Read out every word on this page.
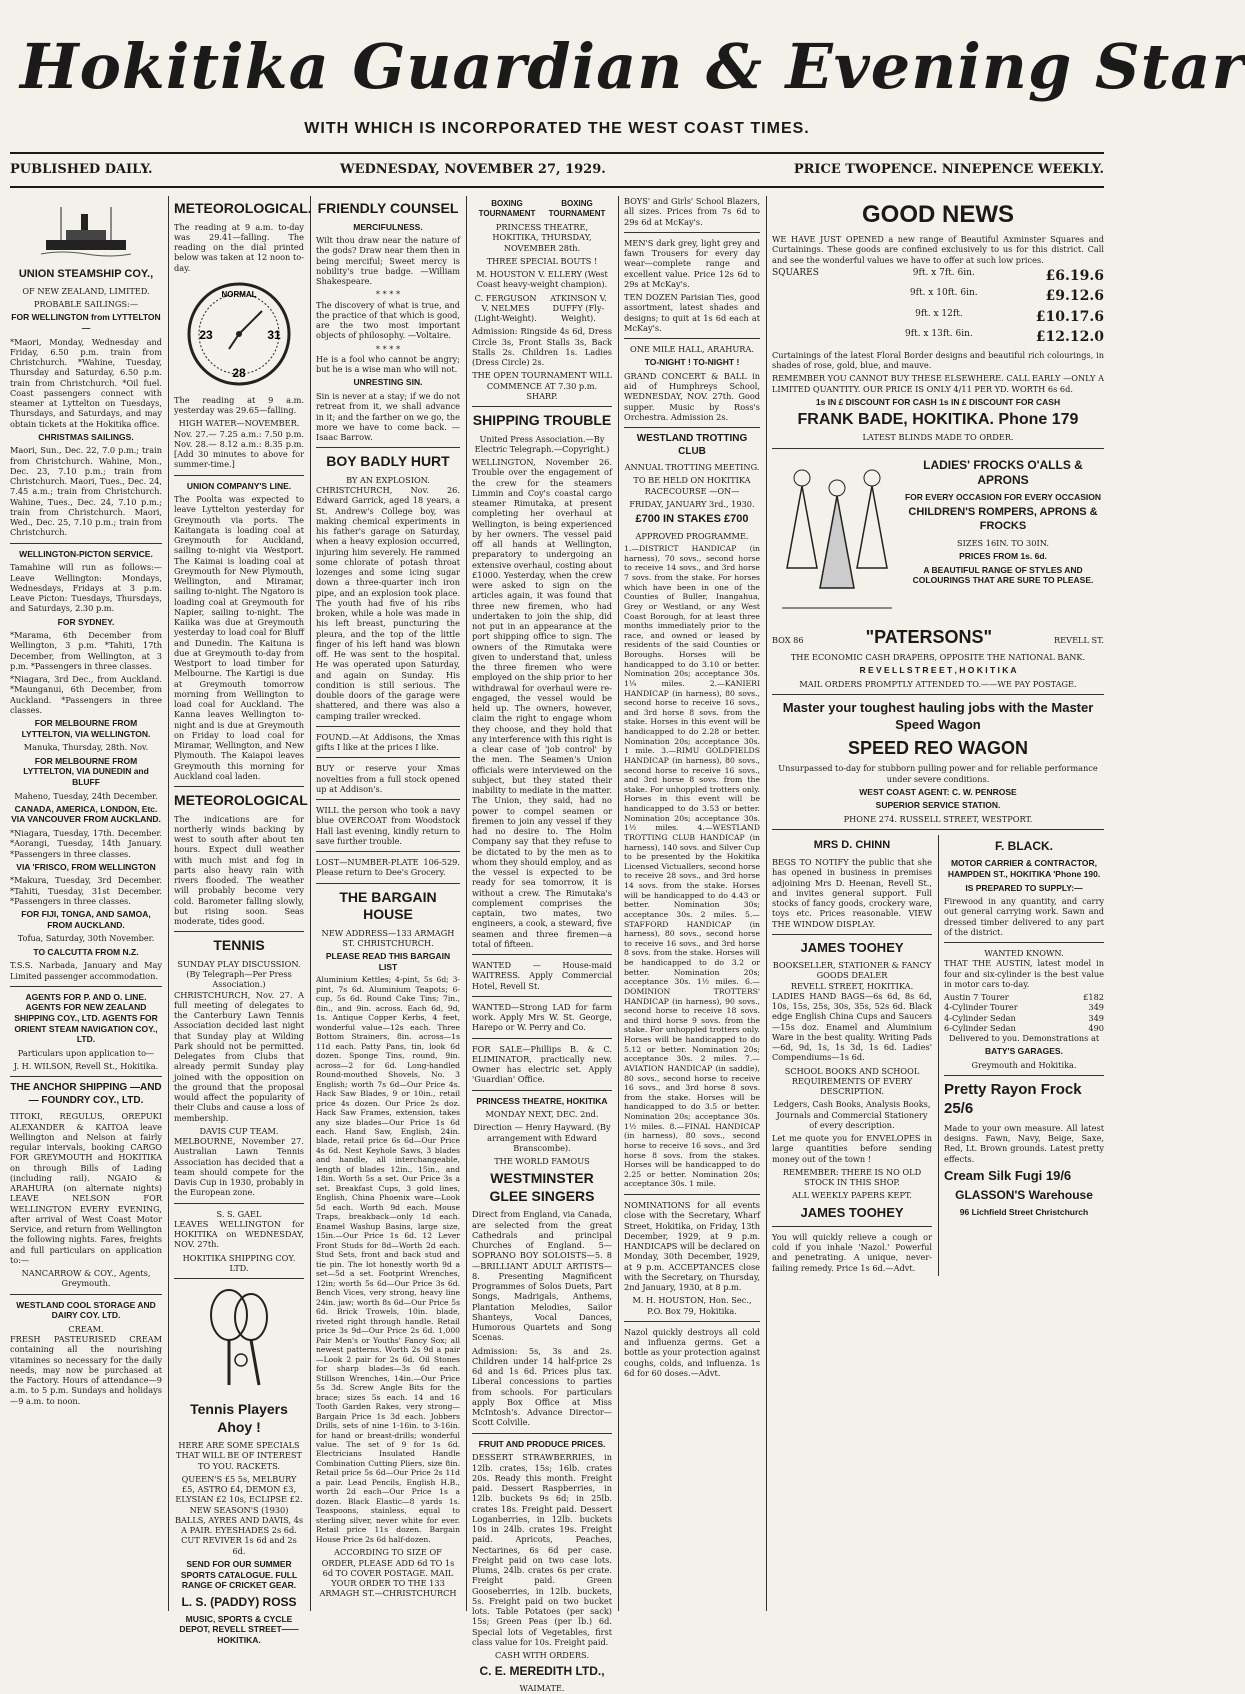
Hokitika Guardian & Evening Star
WITH WHICH IS INCORPORATED THE WEST COAST TIMES.
PUBLISHED DAILY.	WEDNESDAY, NOVEMBER 27, 1929.	PRICE TWOPENCE. NINEPENCE WEEKLY.
UNION STEAMSHIP COY.,
OF NEW ZEALAND, LIMITED.
PROBABLE SAILINGS:—
FOR WELLINGTON from LYTTELTON—

*Maori, Monday, Wednesday and Friday, 6.50 p.m. train from Christchurch. *Wahine, Tuesday, Thursday and Saturday, 6.50 p.m. train from Christchurch. *Oil fuel. Coast passengers connect with steamer at Lyttelton on Tuesdays, Thursdays, and Saturdays, and may obtain tickets at the Hokitika office.

CHRISTMAS SAILINGS.

Maori, Sun., Dec. 22, 7.0 p.m.; train from Christchurch. Wahine, Mon., Dec. 23, 7.10 p.m.; train from Christchurch. Maori, Tues., Dec. 24, 7.45 a.m.; train from Christchurch. Wahine, Tues., Dec. 24, 7.10 p.m.; train from Christchurch. Maori, Wed., Dec. 25, 7.10 p.m.; train from Christchurch.

WELLINGTON-PICTON SERVICE.

Tamahine will run as follows:— Leave Wellington: Mondays, Wednesdays, Fridays at 3 p.m. Leave Picton: Tuesdays, Thursdays, and Saturdays, 2.30 p.m.

FOR SYDNEY.

*Marama, 6th December from Wellington, 3 p.m. *Tahiti, 17th December, from Wellington, at 3 p.m. *Passengers in three classes.

*Niagara, 3rd Dec., from Auckland. *Maunganui, 6th December, from Auckland. *Passengers in three classes.

FOR MELBOURNE FROM LYTTELTON, VIA WELLINGTON.

Manuka, Thursday, 28th. Nov.

FOR MELBOURNE FROM LYTTELTON, VIA DUNEDIN and BLUFF

Maheno, Tuesday, 24th December.

CANADA, AMERICA, LONDON, Etc. VIA VANCOUVER FROM AUCKLAND.

*Niagara, Tuesday, 17th. December. *Aorangi, Tuesday, 14th January. *Passengers in three classes.

VIA 'FRISCO, FROM WELLINGTON

*Makura, Tuesday, 3rd December. *Tahiti, Tuesday, 31st December. *Passengers in three classes.

FOR FIJI, TONGA, AND SAMOA, FROM AUCKLAND.

Tofua, Saturday, 30th November.

TO CALCUTTA FROM N.Z.

T.S.S. Narbada, January and May Limited passenger accommodation.

AGENTS FOR P. AND O. LINE. AGENTS FOR NEW ZEALAND SHIPPING COY., LTD. AGENTS FOR ORIENT STEAM NAVIGATION COY., LTD.

Particulars upon application to—

J. H. WILSON, Revell St., Hokitika.

THE ANCHOR SHIPPING —AND— FOUNDRY COY., LTD.

TITOKI, REGULUS, OREPUKI ALEXANDER & KAITOA leave Wellington and Nelson at fairly regular intervals, booking CARGO FOR GREYMOUTH and HOKITIKA on through Bills of Lading (including rail). NGAIO & ARAHURA (on alternate nights) LEAVE NELSON FOR WELLINGTON EVERY EVENING, after arrival of West Coast Motor Service, and return from Wellington the following nights. Fares, freights and full particulars on application to:—

NANCARROW & COY., Agents, Greymouth.

WESTLAND COOL STORAGE AND DAIRY COY. LTD.
CREAM.

FRESH PASTEURISED CREAM containing all the nourishing vitamines so necessary for the daily needs, may now be purchased at the Factory. Hours of attendance—9 a.m. to 5 p.m. Sundays and holidays—9 a.m. to noon.

METEOROLOGICAL.

The reading at 9 a.m. to-day was 29.41—falling. The reading on the dial printed below was taken at 12 noon to-day.

NORMAL
23	31
28

The reading at 9 a.m. yesterday was 29.65—falling.

HIGH WATER—NOVEMBER.

Nov. 27.— 7.25 a.m.: 7.50 p.m. Nov. 28.— 8.12 a.m.: 8.35 p.m. [Add 30 minutes to above for summer-time.]

UNION COMPANY'S LINE.

The Poolta was expected to leave Lyttelton yesterday for Greymouth via ports. The Kaitangata is loading coal at Greymouth for Auckland, sailing to-night via Westport. The Kaimai is loading coal at Greymouth for New Plymouth, Wellington, and Miramar, sailing to-night. The Ngatoro is loading coal at Greymouth for Napier, sailing to-night. The Kaiika was due at Greymouth yesterday to load coal for Bluff and Dunedin. The Kaituna is due at Greymouth to-day from Westport to load timber for Melbourne. The Kartigi is due at Greymouth tomorrow morning from Wellington to load coal for Auckland. The Kanna leaves Wellington to-night and is due at Greymouth on Friday to load coal for Miramar, Wellington, and New Plymouth. The Kaiapoi leaves Greymouth this morning for Auckland coal laden.

METEOROLOGICAL

The indications are for northerly winds backing by west to south after about ten hours. Expect dull weather with much mist and fog in parts also heavy rain with rivers flooded. The weather will probably become very cold. Barometer falling slowly, but rising soon. Seas moderate, tides good.

TENNIS
SUNDAY PLAY DISCUSSION.
(By Telegraph—Per Press Association.)

CHRISTCHURCH, Nov. 27. A full meeting of delegates to the Canterbury Lawn Tennis Association decided last night that Sunday play at Wilding Park should not be permitted. Delegates from Clubs that already permit Sunday play joined with the opposition on the ground that the proposal would affect the popularity of their Clubs and cause a loss of membership.

DAVIS CUP TEAM.

MELBOURNE, November 27. Australian Lawn Tennis Association has decided that a team should compete for the Davis Cup in 1930, probably in the European zone.

S. S. GAEL

LEAVES WELLINGTON for HOKITIKA on WEDNESDAY, NOV. 27th.

HOKITIKA SHIPPING COY. LTD.

Tennis Players Ahoy !

HERE ARE SOME SPECIALS THAT WILL BE OF INTEREST TO YOU. RACKETS.

QUEEN'S £5 5s, MELBURY £5, ASTRO £4, DEMON £3, ELYSIAN £2 10s, ECLIPSE £2. NEW SEASON'S (1930) BALLS, AYRES AND DAVIS, 4s A PAIR. EYESHADES 2s 6d. CUT REVIVER 1s 6d and 2s 6d.

SEND FOR OUR SUMMER SPORTS CATALOGUE. FULL RANGE OF CRICKET GEAR.
L. S. (PADDY) ROSS
MUSIC, SPORTS & CYCLE DEPOT, REVELL STREET——HOKITIKA.
FRIENDLY COUNSEL
MERCIFULNESS.

Wilt thou draw near the nature of the gods? Draw near them then in being merciful; Sweet mercy is nobility's true badge. —William Shakespeare.

* * * *

The discovery of what is true, and the practice of that which is good, are the two most important objects of philosophy. —Voltaire.

* * * *

He is a fool who cannot be angry; but he is a wise man who will not.

UNRESTING SIN.

Sin is never at a stay; if we do not retreat from it, we shall advance in it; and the farther on we go, the more we have to come back. —Isaac Barrow.

BOY BADLY HURT
BY AN EXPLOSION.

CHRISTCHURCH, Nov. 26. Edward Garrick, aged 18 years, a St. Andrew's College boy, was making chemical experiments in his father's garage on Saturday, when a heavy explosion occurred, injuring him severely. He rammed some chlorate of potash throat lozenges and some icing sugar down a three-quarter inch iron pipe, and an explosion took place. The youth had five of his ribs broken, while a hole was made in his left breast, puncturing the pleura, and the top of the little finger of his left hand was blown off. He was sent to the hospital. He was operated upon Saturday, and again on Sunday. His condition is still serious. The double doors of the garage were shattered, and there was also a camping trailer wrecked.

FOUND.—At Addisons, the Xmas gifts I like at the prices I like.

BUY or reserve your Xmas novelties from a full stock opened up at Addison's.

WILL the person who took a navy blue OVERCOAT from Woodstock Hall last evening, kindly return to save further trouble.

LOST—NUMBER-PLATE 106-529. Please return to Dee's Grocery.

THE BARGAIN HOUSE
NEW ADDRESS—133 ARMAGH ST. CHRISTCHURCH.
PLEASE READ THIS BARGAIN LIST

Aluminium Kettles; 4-pint, 5s 6d; 3-pint, 7s 6d. Aluminium Teapots; 6-cup, 5s 6d. Round Cake Tins; 7in., 8in., and 9in. across. Each 6d, 9d, 1s. Antique Copper Kerbs, 4 feet, wonderful value—12s each. Three Bottom Strainers, 8in. across—1s 11d each. Patty Pans, tin, look 6d dozen. Sponge Tins, round, 9in. across—2 for 6d. Long-handled Round-mouthed Shovels, No. 3 English; worth 7s 6d—Our Price 4s. Hack Saw Blades, 9 or 10in., retail price 4s dozen. Our Price 2s doz. Hack Saw Frames, extension, takes any size blades—Our Price 1s 6d each. Hand Saw, English, 24in. blade, retail price 6s 6d—Our Price 4s 6d. Nest Keyhole Saws, 3 blades and handle, all interchangeable, length of blades 12in., 15in., and 18in. Worth 5s a set. Our Price 3s a set. Breakfast Cups, 3 gold lines, English, China Phoenix ware—Look 5d each. Worth 9d each. Mouse Traps, breakback—only 1d each. Enamel Washup Basins, large size, 15in.—Our Price 1s 6d. 12 Lever Front Studs for 8d—Worth 2d each. Stud Sets, front and back stud and tie pin. The lot honestly worth 9d a set—5d a set. Footprint Wrenches, 12in; worth 5s 6d—Our Price 3s 6d. Bench Vices, very strong, heavy line 24in. jaw; worth 8s 6d—Our Price 5s 6d. Brick Trowels, 10in. blade, riveted right through handle. Retail price 3s 9d—Our Price 2s 6d. 1,000 Pair Men's or Youths' Fancy Sox; all newest patterns. Worth 2s 9d a pair—Look 2 pair for 2s 6d. Oil Stones for sharp blades—3s 6d each. Stillson Wrenches, 14in.—Our Price 5s 3d. Screw Angle Bits for the brace; sizes 5s each. 14 and 16 Tooth Garden Rakes, very strong—Bargain Price 1s 3d each. Jobbers Drills, sets of nine 1-16in. to 3-16in. for hand or breast-drills; wonderful value. The set of 9 for 1s 6d. Electricians Insulated Handle Combination Cutting Pliers, size 8in. Retail price 5s 6d—Our Price 2s 11d a pair. Lead Pencils, English H.B., worth 2d each—Our Price 1s a dozen. Black Elastic—8 yards 1s. Teaspoons, stainless, equal to sterling silver, never white for ever. Retail price 11s dozen. Bargain House Price 2s 6d half-dozen.

ACCORDING TO SIZE OF ORDER, PLEASE ADD 6d TO 1s 6d TO COVER POSTAGE. MAIL YOUR ORDER TO THE 133 ARMAGH ST.—CHRISTCHURCH

BOXING TOURNAMENT
BOXING TOURNAMENT

PRINCESS THEATRE, HOKITIKA, THURSDAY, NOVEMBER 28th.

THREE SPECIAL BOUTS !

M. HOUSTON V. ELLERY (West Coast heavy-weight champion).

C. FERGUSON V. NELMES (Light-Weight).

ATKINSON V. DUFFY (Fly-Weight).

Admission: Ringside 4s 6d, Dress Circle 3s, Front Stalls 3s, Back Stalls 2s. Children 1s. Ladies (Dress Circle) 2s.

THE OPEN TOURNAMENT WILL COMMENCE AT 7.30 p.m. SHARP.

SHIPPING TROUBLE

United Press Association.—By Electric Telegraph.—Copyright.)

WELLINGTON, November 26. Trouble over the engagement of the crew for the steamers Limmin and Coy's coastal cargo steamer Rimutaka, at present completing her overhaul at Wellington, is being experienced by her owners. The vessel paid off all hands at Wellington, preparatory to undergoing an extensive overhaul, costing about £1000. Yesterday, when the crew were asked to sign on the articles again, it was found that three new firemen, who had undertaken to join the ship, did not put in an appearance at the port shipping office to sign. The owners of the Rimutaka were given to understand that, unless the three firemen who were employed on the ship prior to her withdrawal for overhaul were re-engaged, the vessel would be held up. The owners, however, claim the right to engage whom they choose, and they hold that any interference with this right is a clear case of 'job control' by the men. The Seamen's Union officials were interviewed on the subject, but they stated their inability to mediate in the matter. The Union, they said, had no power to compel seamen or firemen to join any vessel if they had no desire to. The Holm Company say that they refuse to be dictated to by the men as to whom they should employ, and as the vessel is expected to be ready for sea tomorrow, it is without a crew. The Rimutaka's complement comprises the captain, two mates, two engineers, a cook, a steward, five seamen and three firemen—a total of fifteen.

WANTED — House-maid WAITRESS. Apply Commercial Hotel, Revell St.

WANTED—Strong LAD for farm work. Apply Mrs W. St. George, Harepo or W. Perry and Co.

FOR SALE—Phillips B. & C. ELIMINATOR, practically new. Owner has electric set. Apply 'Guardian' Office.

PRINCESS THEATRE, HOKITIKA

MONDAY NEXT, DEC. 2nd.

Direction — Henry Hayward. (By arrangement with Edward Branscombe).

THE WORLD FAMOUS

WESTMINSTER GLEE SINGERS

Direct from England, via Canada, are selected from the great Cathedrals and principal Churches of England. 5—SOPRANO BOY SOLOISTS—5. 8—BRILLIANT ADULT ARTISTS—8. Presenting Magnificent Programmes of Solos Duets, Part Songs, Madrigals, Anthems, Plantation Melodies, Sailor Shanteys, Vocal Dances, Humorous Quartets and Song Scenas.

Admission: 5s, 3s and 2s. Children under 14 half-price 2s 6d and 1s 6d. Prices plus tax. Liberal concessions to parties from schools. For particulars apply Box Office at Miss McIntosh's. Advance Director—Scott Colville.

FRUIT AND PRODUCE PRICES.

DESSERT STRAWBERRIES, in 12lb. crates, 15s; 16lb. crates 20s. Ready this month. Freight paid. Dessert Raspberries, in 12lb. buckets 9s 6d; in 25lb. crates 18s. Freight paid. Dessert Loganberries, in 12lb. buckets 10s in 24lb. crates 19s. Freight paid. Apricots, Peaches, Nectarines, 6s 6d per case. Freight paid on two case lots. Plums, 24lb. crates 6s per crate. Freight paid. Green Gooseberries, in 12lb. buckets, 5s. Freight paid on two bucket lots. Table Potatoes (per sack) 15s; Green Peas (per lb.) 6d. Special lots of Vegetables, first class value for 10s. Freight paid.

CASH WITH ORDERS.

C. E. MEREDITH LTD.,

WAIMATE.

BOYS' and Girls' School Blazers, all sizes. Prices from 7s 6d to 29s 6d at McKay's.

MEN'S dark grey, light grey and fawn Trousers for every day wear—complete range and excellent value. Price 12s 6d to 29s at McKay's.

TEN DOZEN Parisian Ties, good assortment, latest shades and designs; to quit at 1s 6d each at McKay's.

ONE MILE HALL, ARAHURA.
TO-NIGHT ! TO-NIGHT !

GRAND CONCERT & BALL in aid of Humphreys School, WEDNESDAY, NOV. 27th. Good supper. Music by Ross's Orchestra. Admission 2s.

WESTLAND TROTTING CLUB

ANNUAL TROTTING MEETING.

TO BE HELD ON HOKITIKA RACECOURSE —ON—

FRIDAY, JANUARY 3rd., 1930.

£700 IN STAKES £700

APPROVED PROGRAMME.

1.—DISTRICT HANDICAP (in harness), 70 sovs., second horse to receive 14 sovs., and 3rd horse 7 sovs. from the stake. For horses which have been in one of the Counties of Buller, Inangahua, Grey or Westland, or any West Coast Borough, for at least three months immediately prior to the race, and owned or leased by residents of the said Counties or Boroughs. Horses will be handicapped to do 3.10 or better. Nomination 20s; acceptance 30s. 1¼ miles. 2.—KANIERI HANDICAP (in harness), 80 sovs., second horse to receive 16 sovs., and 3rd horse 8 sovs. from the stake. Horses in this event will be handicapped to do 2.28 or better. Nomination 20s; acceptance 30s. 1 mile. 3.—RIMU GOLDFIELDS HANDICAP (in harness), 80 sovs., second horse to receive 16 sovs., and 3rd horse 8 sovs. from the stake. For unhoppled trotters only. Horses in this event will be handicapped to do 3.53 or better. Nomination 20s; acceptance 30s. 1½ miles. 4.—WESTLAND TROTTING CLUB HANDICAP (in harness), 140 sovs. and Silver Cup to be presented by the Hokitika Licensed Victuallers, second horse to receive 28 sovs., and 3rd horse 14 sovs. from the stake. Horses will be handicapped to do 4.43 or better. Nomination 30s; acceptance 30s. 2 miles. 5.—STAFFORD HANDICAP (in harness), 80 sovs., second horse to receive 16 sovs., and 3rd horse 8 sovs. from the stake. Horses will be handicapped to do 3.2 or better. Nomination 20s; acceptance 30s. 1½ miles. 6.—DOMINION TROTTERS' HANDICAP (in harness), 90 sovs., second horse to receive 18 sovs. and third horse 9 sovs. from the stake. For unhoppled trotters only. Horses will be handicapped to do 5.12 or better. Nomination 20s; acceptance 30s. 2 miles. 7.—AVIATION HANDICAP (in saddle), 80 sovs., second horse to receive 16 sovs., and 3rd horse 8 sovs. from the stake. Horses will be handicapped to do 3.5 or better. Nomination 20s; acceptance 30s. 1½ miles. 8.—FINAL HANDICAP (in harness), 80 sovs., second horse to receive 16 sovs., and 3rd horse 8 sovs. from the stakes. Horses will be handicapped to do 2.25 or better. Nomination 20s; acceptance 30s. 1 mile.

NOMINATIONS for all events close with the Secretary, Wharf Street, Hokitika, on Friday, 13th December, 1929, at 9 p.m. HANDICAPS will be declared on Monday, 30th December, 1929, at 9 p.m. ACCEPTANCES close with the Secretary, on Thursday, 2nd January, 1930, at 8 p.m.

M. H. HOUSTON, Hon. Sec., P.O. Box 79, Hokitika.

Nazol quickly destroys all cold and influenza germs. Get a bottle as your protection against coughs, colds, and influenza. 1s 6d for 60 doses.—Advt.

GOOD NEWS

WE HAVE JUST OPENED a new range of Beautiful Axminster Squares and Curtainings. These goods are confined exclusively to us for this district. Call and see the wonderful values we have to offer at such low prices.

SQUARES	9ft. x 7ft. 6in.	£6.19.6
9ft. x 10ft. 6in.	£9.12.6
9ft. x 12ft.	£10.17.6
9ft. x 13ft. 6in.	£12.12.0

Curtainings of the latest Floral Border designs and beautiful rich colourings, in shades of rose, gold, blue, and mauve.

REMEMBER YOU CANNOT BUY THESE ELSEWHERE. CALL EARLY —ONLY A LIMITED QUANTITY. OUR PRICE IS ONLY 4/11 PER YD. WORTH 6s 6d.

1s IN £ DISCOUNT FOR CASH 1s IN £ DISCOUNT FOR CASH
FRANK BADE, HOKITIKA. Phone 179
LATEST BLINDS MADE TO ORDER.
LADIES' FROCKS O'ALLS & APRONS
FOR EVERY OCCASION FOR EVERY OCCASION
CHILDREN'S ROMPERS, APRONS & FROCKS
SIZES 16IN. TO 30IN.
PRICES FROM 1s. 6d.
A BEAUTIFUL RANGE OF STYLES AND COLOURINGS THAT ARE SURE TO PLEASE.
BOX 86	"PATERSONS"	REVELL ST.
THE ECONOMIC CASH DRAPERS, OPPOSITE THE NATIONAL BANK.
R E V E L L S T R E E T , H O K I T I K A
MAIL ORDERS PROMPTLY ATTENDED TO.——WE PAY POSTAGE.
Master your toughest hauling jobs with the Master Speed Wagon
SPEED REO WAGON
Unsurpassed to-day for stubborn pulling power and for reliable performance under severe conditions.
WEST COAST AGENT: C. W. PENROSE
SUPERIOR SERVICE STATION.
PHONE 274. RUSSELL STREET, WESTPORT.
MRS D. CHINN

BEGS TO NOTIFY the public that she has opened in business in premises adjoining Mrs D. Heenan, Revell St., and invites general support. Full stocks of fancy goods, crockery ware, toys etc. Prices reasonable. VIEW THE WINDOW DISPLAY.

JAMES TOOHEY
BOOKSELLER, STATIONER & FANCY GOODS DEALER
REVELL STREET, HOKITIKA.

LADIES HAND BAGS—6s 6d, 8s 6d, 10s, 15s, 25s, 30s, 35s, 52s 6d. Black edge English China Cups and Saucers—15s doz. Enamel and Aluminium Ware in the best quality. Writing Pads—6d, 9d, 1s, 1s 3d, 1s 6d. Ladies' Compendiums—1s 6d.

SCHOOL BOOKS AND SCHOOL REQUIREMENTS OF EVERY DESCRIPTION.

Ledgers, Cash Books, Analysis Books, Journals and Commercial Stationery of every description.

Let me quote you for ENVELOPES in large quantities before sending money out of the town !

REMEMBER: THERE IS NO OLD STOCK IN THIS SHOP.

ALL WEEKLY PAPERS KEPT.

JAMES TOOHEY

You will quickly relieve a cough or cold if you inhale 'Nazol.' Powerful and penetrating. A unique, never-failing remedy. Price 1s 6d.—Advt.

F. BLACK.
MOTOR CARRIER & CONTRACTOR, HAMPDEN ST., HOKITIKA 'Phone 190.
IS PREPARED TO SUPPLY:—

Firewood in any quantity, and carry out general carrying work. Sawn and dressed timber delivered to any part of the district.

WANTED KNOWN.

THAT THE AUSTIN, latest model in four and six-cylinder is the best value in motor cars to-day.

Austin 7 Tourer	£182
4-Cylinder Tourer	349
4-Cylinder Sedan	349
6-Cylinder Sedan	490

Delivered to you. Demonstrations at

BATY'S GARAGES.
Greymouth and Hokitika.
Pretty Rayon Frock 25/6

Made to your own measure. All latest designs. Fawn, Navy, Beige, Saxe, Red, Lt. Brown grounds. Latest pretty effects.

Cream Silk Fugi 19/6
GLASSON'S Warehouse
96 Lichfield Street Christchurch
